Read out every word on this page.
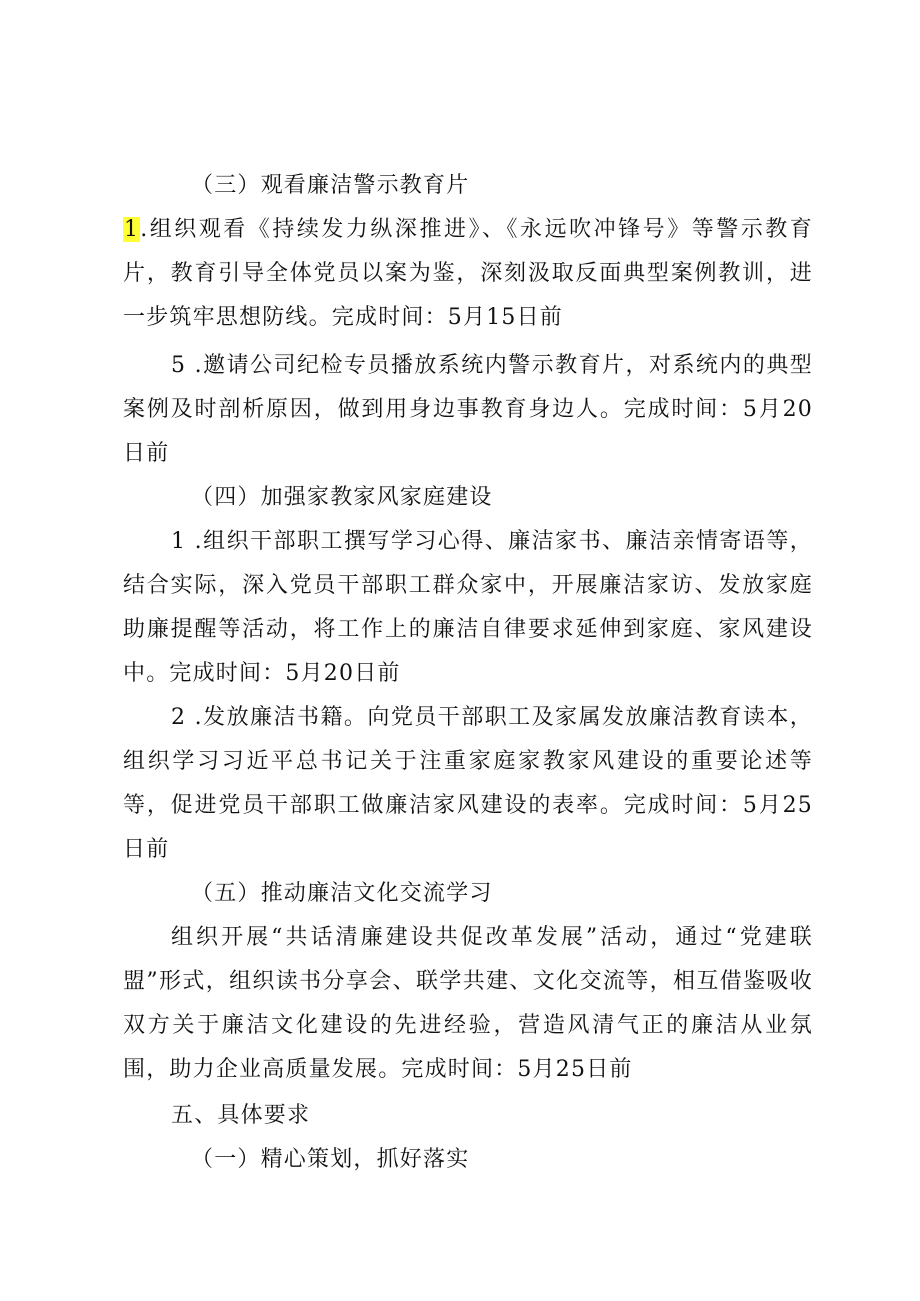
（三）观看廉洁警示教育片

1.组织观看《持续发力纵深推进》、《永远吹冲锋号》等警示教育片，教育引导全体党员以案为鉴，深刻汲取反面典型案例教训，进一步筑牢思想防线。完成时间：5月15日前

5 .邀请公司纪检专员播放系统内警示教育片，对系统内的典型案例及时剖析原因，做到用身边事教育身边人。完成时间：5月20日前

（四）加强家教家风家庭建设

1 .组织干部职工撰写学习心得、廉洁家书、廉洁亲情寄语等，结合实际，深入党员干部职工群众家中，开展廉洁家访、发放家庭助廉提醒等活动，将工作上的廉洁自律要求延伸到家庭、家风建设中。完成时间：5月20日前

2 .发放廉洁书籍。向党员干部职工及家属发放廉洁教育读本，组织学习习近平总书记关于注重家庭家教家风建设的重要论述等等，促进党员干部职工做廉洁家风建设的表率。完成时间：5月25日前

（五）推动廉洁文化交流学习

组织开展“共话清廉建设共促改革发展”活动，通过“党建联盟”形式，组织读书分享会、联学共建、文化交流等，相互借鉴吸收双方关于廉洁文化建设的先进经验，营造风清气正的廉洁从业氛围，助力企业高质量发展。完成时间：5月25日前

五、具体要求

（一）精心策划，抓好落实
